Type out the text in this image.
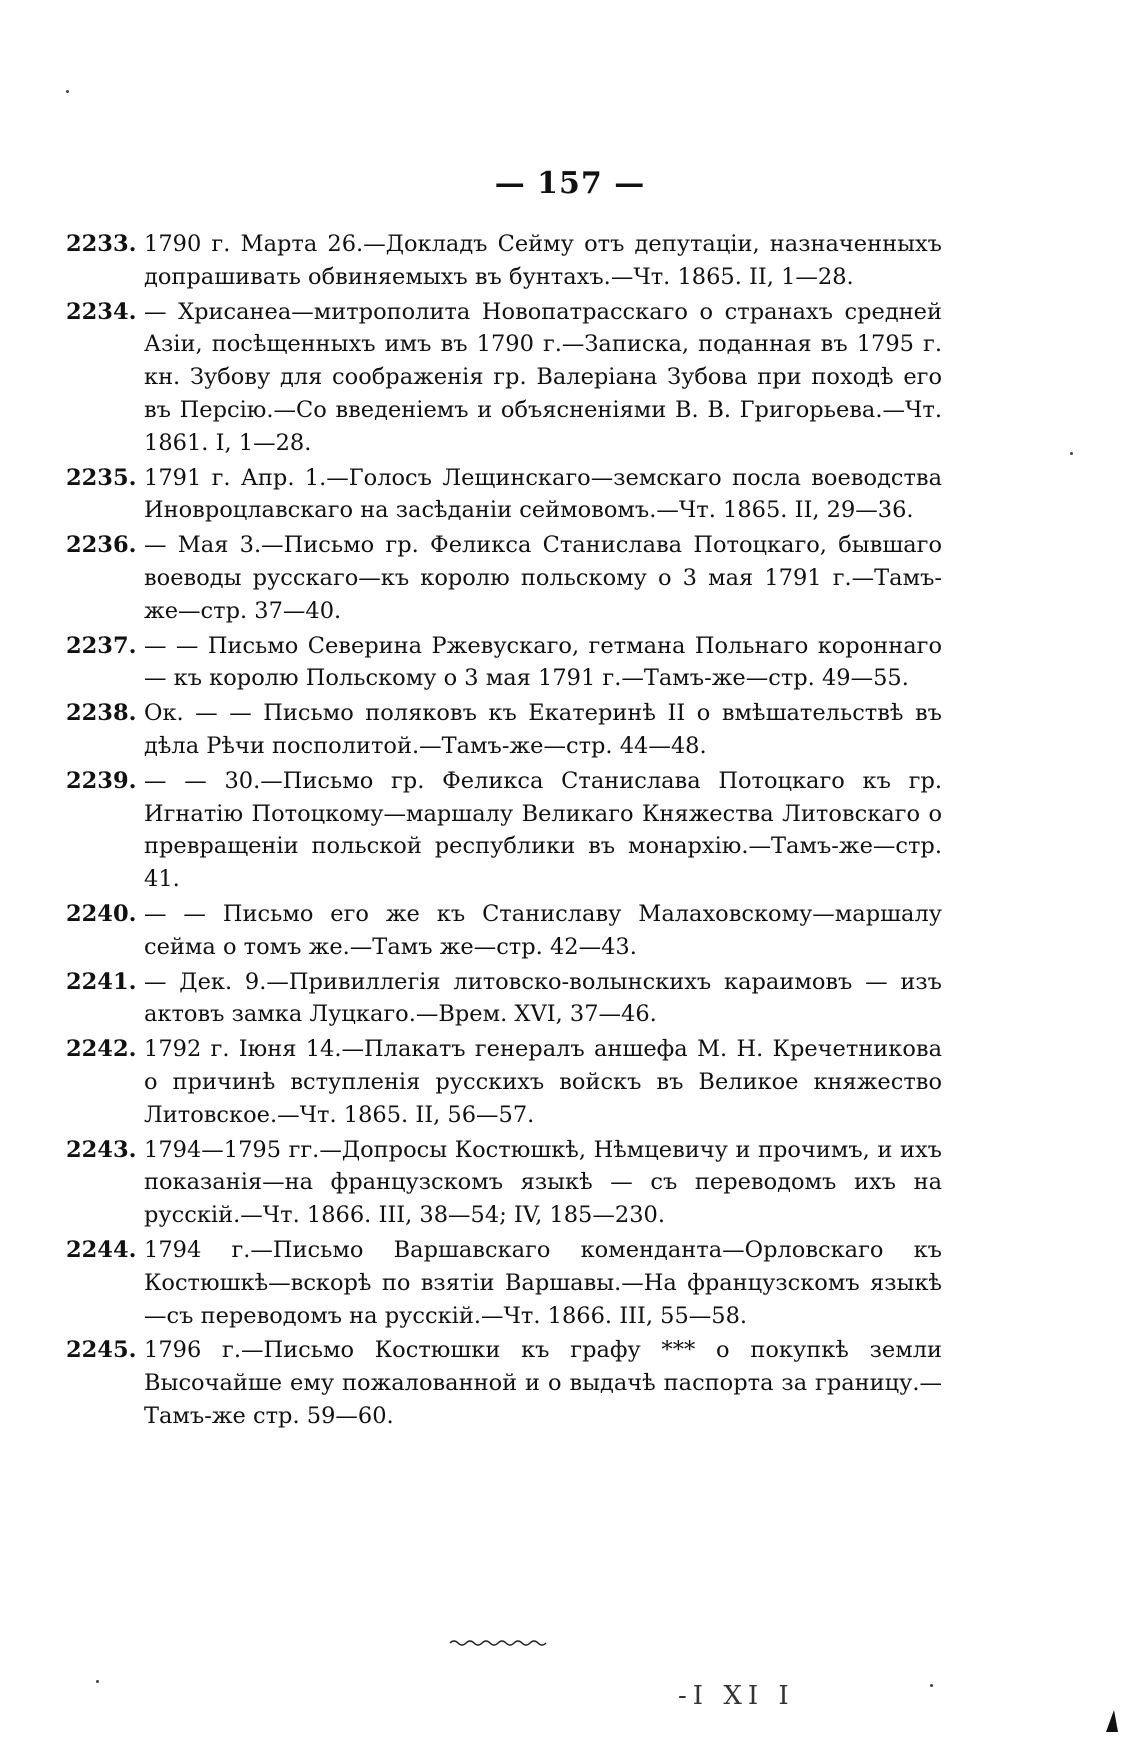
— 157 —
2233. 1790 г. Марта 26.—Докладъ Сейму отъ депутаціи, назначенныхъ допрашивать обвиняемыхъ въ бунтахъ.—Чт. 1865. II, 1—28.
2234. — Хрисанеа—митрополита Новопатрасскаго о странахъ средней Азіи, посѣщенныхъ имъ въ 1790 г.—Записка, поданная въ 1795 г. кн. Зубову для соображенія гр. Валеріана Зубова при походѣ его въ Персію.—Со введеніемъ и объясненіями В. В. Григорьева.—Чт. 1861. I, 1—28.
2235. 1791 г. Апр. 1.—Голосъ Лещинскаго—земскаго посла воеводства Иноврoцлавскаго на засѣданіи сеймовомъ.—Чт. 1865. II, 29—36.
2236. — Мая 3.—Письмо гр. Феликса Станислава Потоцкаго, бывшаго воеводы русскаго—къ королю польскому о 3 мая 1791 г.—Тамъ-же—стр. 37—40.
2237. — — Письмо Северина Ржевускаго, гетмана Польнаго короннаго — къ королю Польскому о 3 мая 1791 г.—Тамъ-же—стр. 49—55.
2238. Ок. — — Письмо поляковъ къ Екатеринѣ II о вмѣшательствѣ въ дѣла Рѣчи посполитой.—Тамъ-же—стр. 44—48.
2239. — — 30.—Письмо гр. Феликса Станислава Потоцкаго къ гр. Игнатію Потоцкому—маршалу Великаго Княжества Литовскаго о превращеніи польской республики въ монархію.—Тамъ-же—стр. 41.
2240. — — Письмо его же къ Станиславу Малаховскому—маршалу сейма о томъ же.—Тамъ же—стр. 42—43.
2241. — Дек. 9.—Привиллегія литовско-волынскихъ караимовъ — изъ актовъ замка Луцкаго.—Врем. XVI, 37—46.
2242. 1792 г. Іюня 14.—Плакатъ генералъ аншефа М. Н. Кречетникова о причинѣ вступленія русскихъ войскъ въ Великое княжество Литовское.—Чт. 1865. II, 56—57.
2243. 1794—1795 гг.—Допросы Костюшкѣ, Нѣмцевичу и прочимъ, и ихъ показанія—на французскомъ языкѣ — съ переводомъ ихъ на русскій.—Чт. 1866. III, 38—54; IV, 185—230.
2244. 1794 г.—Письмо Варшавскаго коменданта—Орловскаго къ Костюшкѣ—вскорѣ по взятіи Варшавы.—На французскомъ языкѣ—съ переводомъ на русскій.—Чт. 1866. III, 55—58.
2245. 1796 г.—Письмо Костюшки къ графу *** о покупкѣ земли Высочайше ему пожалованной и о выдачѣ паспорта за границу.—Тамъ-же стр. 59—60.
-I XI I
